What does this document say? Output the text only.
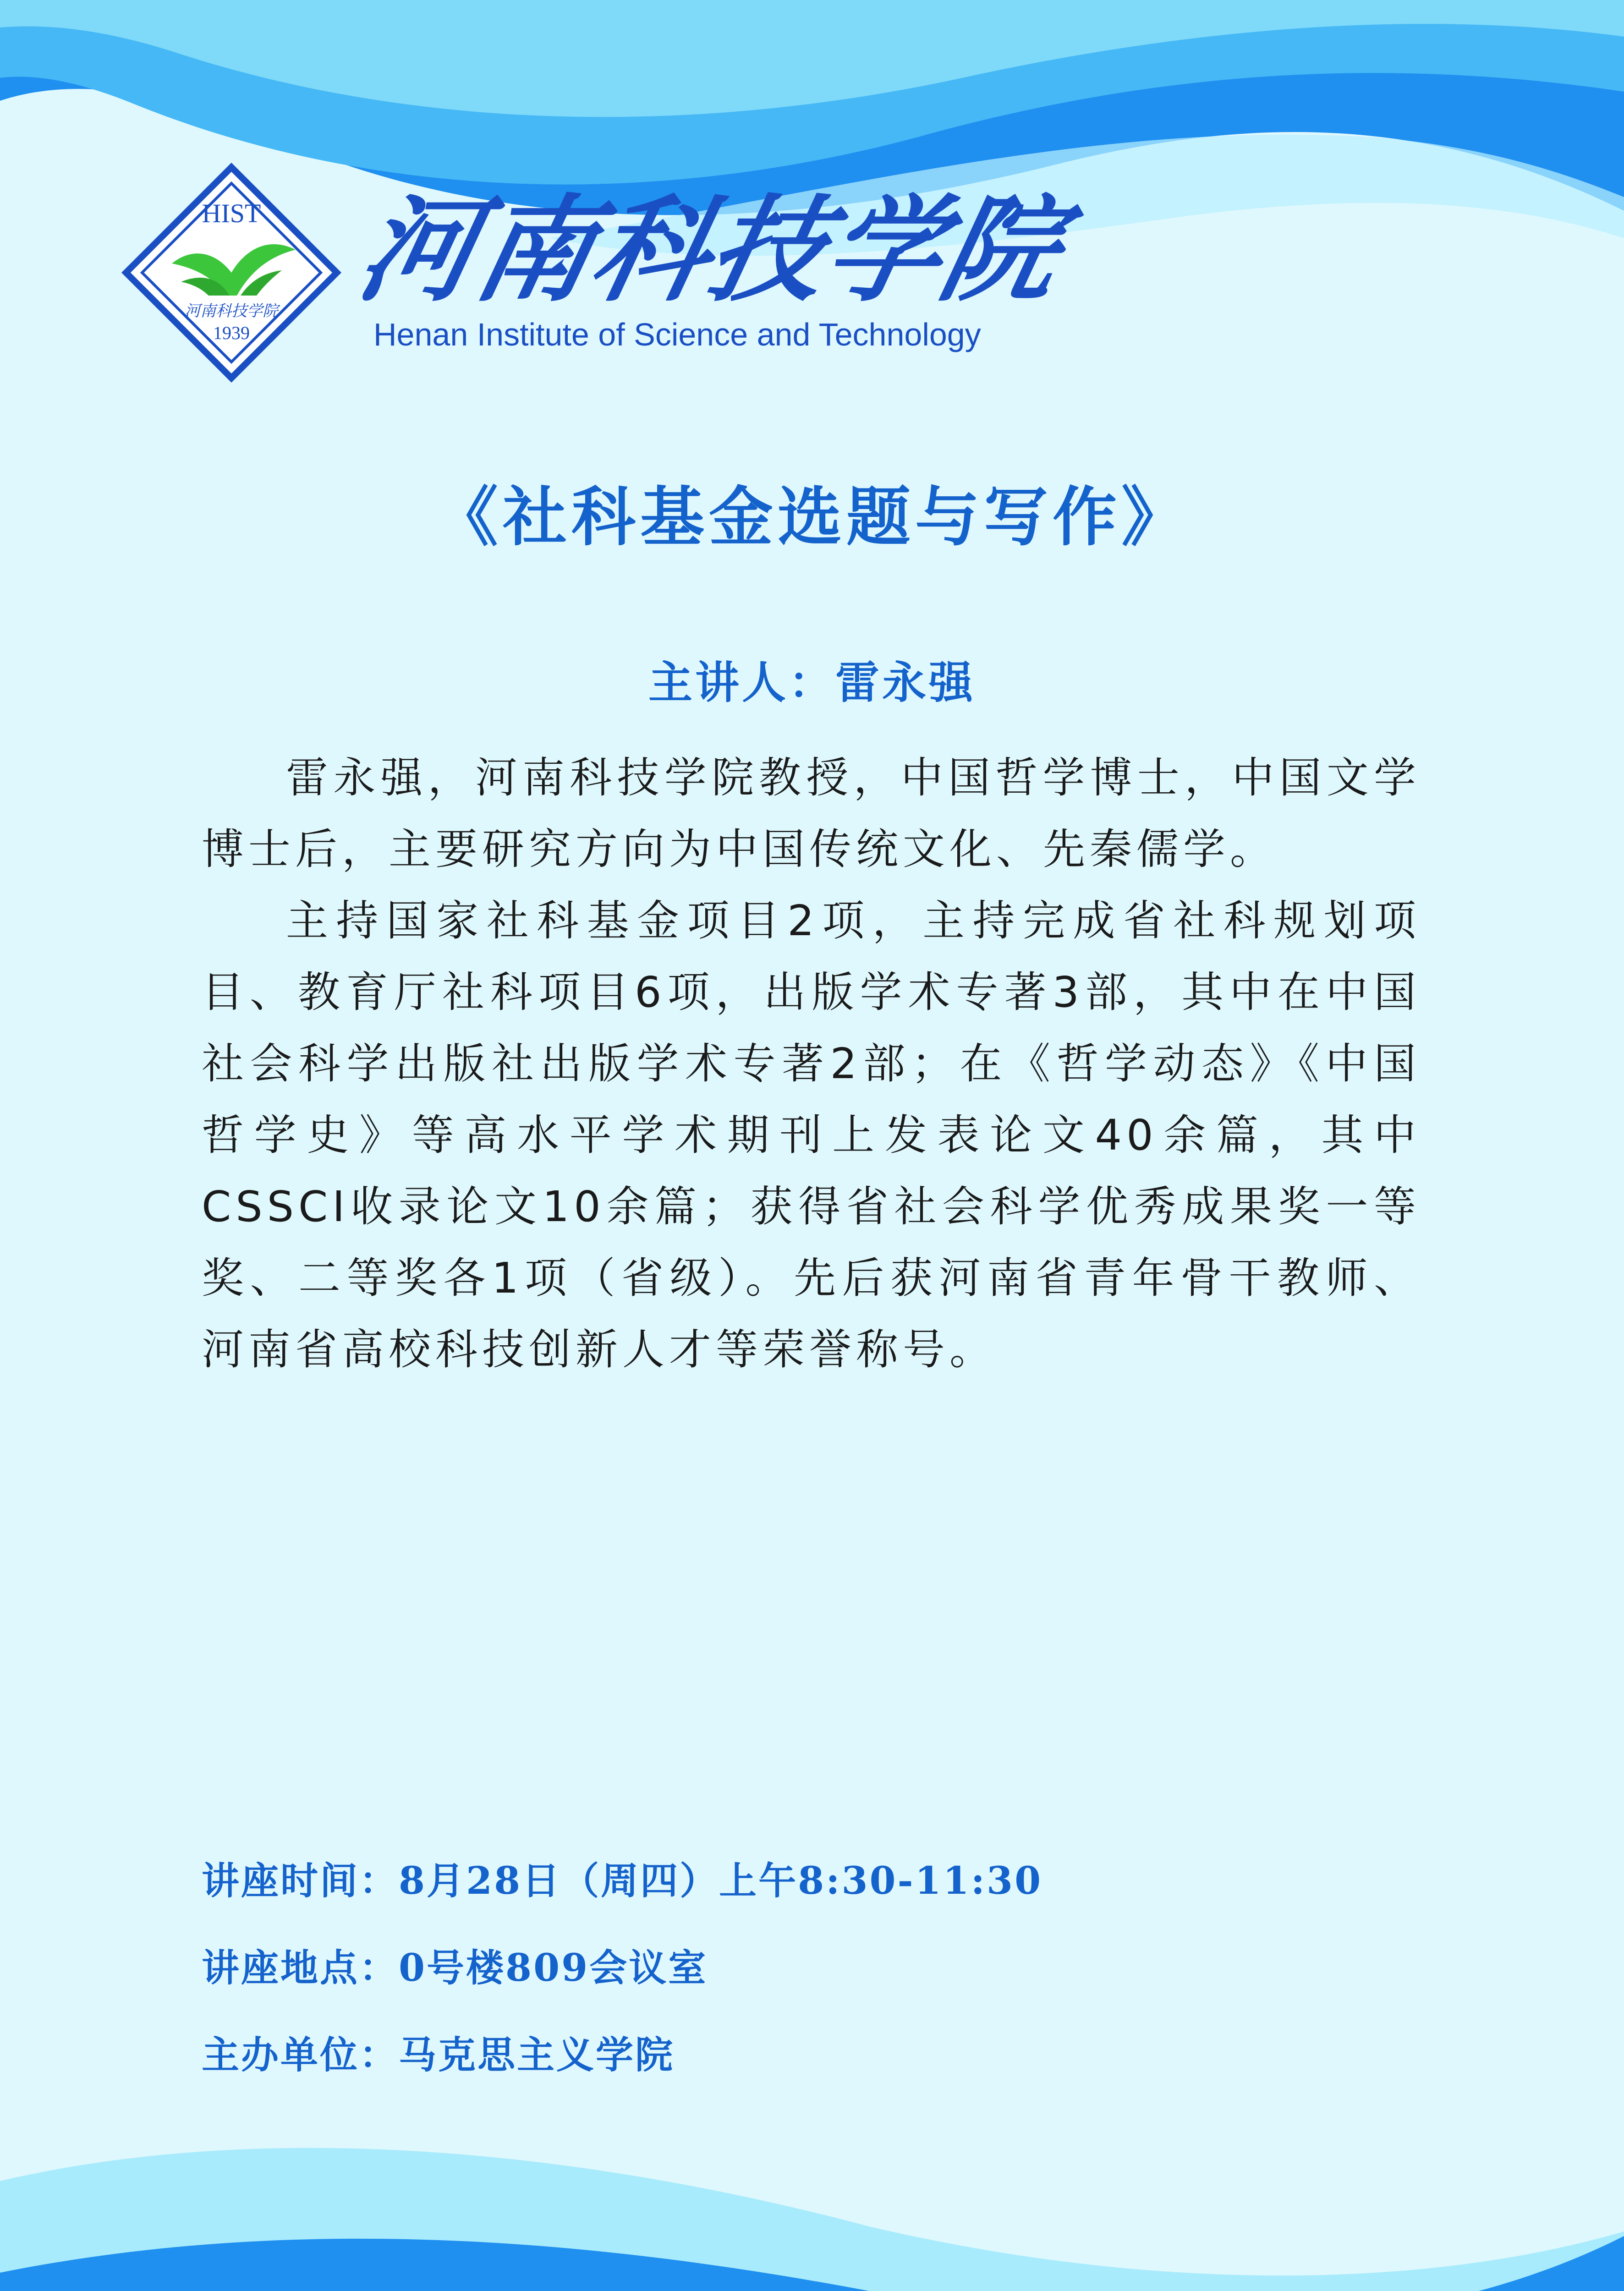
HIST
河南科技学院
1939
河南科技学院
Henan Institute of Science and Technology
《社科基金选题与写作》
主讲人：雷永强

雷永强，河南科技学院教授，中国哲学博士，中国文学博士后，主要研究方向为中国传统文化、先秦儒学。

主持国家社科基金项目2项，主持完成省社科规划项目、教育厅社科项目6项，出版学术专著3部，其中在中国社会科学出版社出版学术专著2部；在《哲学动态》《中国哲学史》等高水平学术期刊上发表论文40余篇，其中CSSCI收录论文10余篇；获得省社会科学优秀成果奖一等奖、二等奖各1项（省级）。先后获河南省青年骨干教师、河南省高校科技创新人才等荣誉称号。

讲座时间：8月28日（周四）上午8:30-11:30
讲座地点：0号楼809会议室
主办单位：马克思主义学院
